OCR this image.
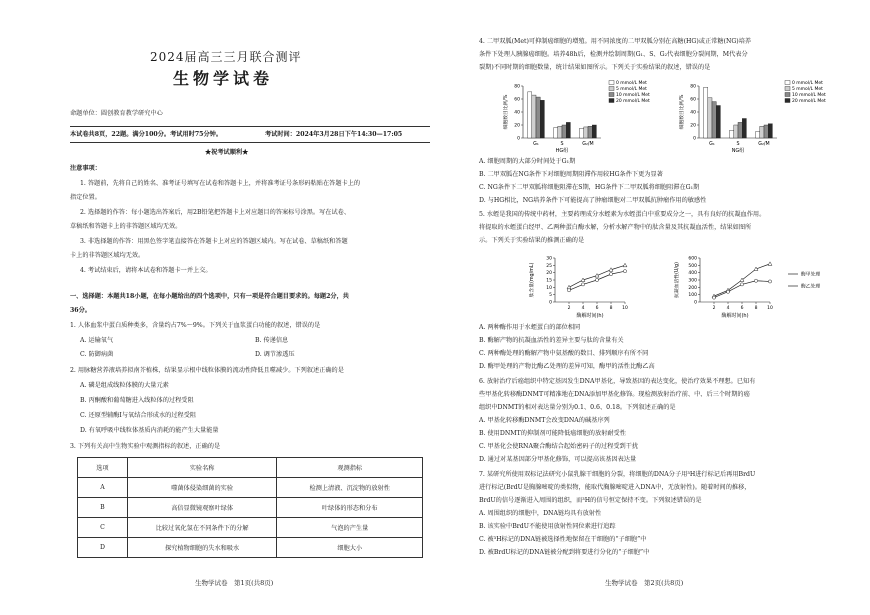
2024届高三三月联合测评
生物学试卷
命题单位：圆创教育教学研究中心
本试卷共8页，22题。满分100分。考试用时75分钟。	考试时间：2024年3月28日下午14:30—17:05
★祝考试顺利★
注意事项：
1. 答题前，先将自己的姓名、准考证号填写在试卷和答题卡上，并将准考证号条形码粘贴在答题卡上的
指定位置。
2. 选择题的作答：每小题选出答案后，用2B铅笔把答题卡上对应题目的答案标号涂黑。写在试卷、
草稿纸和答题卡上的非答题区域均无效。
3. 非选择题的作答：用黑色签字笔直接答在答题卡上对应的答题区域内。写在试卷、草稿纸和答题
卡上的非答题区域均无效。
4. 考试结束后，请将本试卷和答题卡一并上交。
一、选择题：本题共18小题，在每小题给出的四个选项中，只有一项是符合题目要求的。每题2分，共
36分。
1. 人体血浆中蛋白质种类多，含量约占7%～9%。下列关于血浆蛋白功能的叙述，错误的是
A. 运输氧气	B. 传递信息
C. 防御病菌	D. 调节渗透压
2. 用脉糖营养液培养拟南芥植株，结果显示根中线粒体膜的流动性降低且噬减少。下列叙述正确的是
A. 磷是组成线粒体膜的大量元素
B. 丙酮酸和葡萄糖进入线粒体的过程受阻
C. 还原型辅酶Ⅰ与氧结合形成水的过程受阻
D. 有氧呼吸中线粒体基质内消耗的能产生大量能量
3. 下列有关高中生物实验中观测指标的叙述，正确的是
选项	实验名称	观测指标
A	噬菌体侵染细菌的实验	检测上清液、沉淀物的放射性
B	高倍显微镜观察叶绿体	叶绿体的形态和分布
C	比较过氧化氢在不同条件下的分解	气泡的产生量
D	探究植物细胞的失水和吸水	细胞大小
生物学试卷　第1页(共8页)
4. 二甲双胍(Met)可抑制癌细胞的增殖。用不同浓度的二甲双胍分别在高糖(HG)或正常糖(NG)培养
条件下处理人胰腺癌细胞。培养48h后，检测并绘制周期(G₁、S、G₂代表细胞分裂间期，M代表分
裂期)不同时期的细胞数量，统计结果如图所示。下列关于实验结果的叙述，错误的是
0
20
40
60
80
细胞数目比例/%
G₁	S	G₂/M
HG组
0 mmol/L Met
5 mmol/L Met
10 mmol/L Met
20 mmol/L Met
0
20
40
60
80
细胞数目比例/%
G₁	S	G₂/M
NG组
0 mmol/L Met
5 mmol/L Met
10 mmol/L Met
20 mmol/L Met
A. 细胞周期的大部分时间处于G₁期
B. 二甲双胍在NG条件下对细胞周期阻滞作用较HG条件下更为显著
C. NG条件下二甲双胍将细胞阻滞在S期，HG条件下二甲双胍将细胞阻滞在G₁期
D. 与HG相比，NG培养条件下可能提高了肿瘤细胞对二甲双胍抗肿瘤作用的敏感性
5. 水蛭是我国的传统中药材，主要药理成分水蛭素为水蛭蛋白中重要成分之一，具有良好的抗凝血作用。
将提取的水蛭蛋白经甲、乙两种蛋白酶水解，分析水解产物中的肽含量及其抗凝血活性，结果如图所
示。下列关于实验结果的推测正确的是
0
5
10
15
20
25
30
2 4 6 8 10
酶解时间(h)
肽含量(mg/mL)
0
100
200
300
400
500
600
2 4 6 8 10
酶解时间(h)
抗凝血活性(U/g)	酶甲处理
酶乙处理
A. 两种酶作用于水蛭蛋白的部位相同
B. 酶解产物的抗凝血活性的差异主要与肽的含量有关
C. 两种酶处理的酶解产物中氨基酸的数目、排列顺序有所不同
D. 酶甲处理的产物比酶乙处理的差异可知，酶甲的活性比酶乙高
6. 放射治疗后癌组织中特定基因发生DNA甲基化，导致基因的表达变化，使治疗效果不理想。已知有
些甲基化转移酶DNMT可精准地在DNA添加甲基化修饰。现检测放射治疗前、中、后三个时期的癌
组织中DNMT的相对表达量分别为0.1、0.6、0.18。下列叙述正确的是
A. 甲基化转移酶DNMT会改变DNA的碱基序列
B. 使用DNMT的抑制剂可能降低癌细胞的放射耐受性
C. 甲基化会使RNA聚合酶结合起始密码子的过程受到干扰
D. 通过对某基因部分甲基化修饰，可以提高该基因表达量
7. 某研究所使用双标记法研究小鼠乳腺干细胞的分裂，将细胞的DNA分子用³H进行标记后再用BrdU
进行标记(BrdU是胸腺嘧啶的类似物，能取代胸腺嘧啶进入DNA中，无放射性)。随着时间的推移，
BrdU的信号逐渐进入周围的组织，而³H的信号恒定保持不变。下列叙述错误的是
A. 周围组织的细胞中，DNA链均具有放射性
B. 该实验中BrdU不能使用放射性同位素进行追踪
C. 被³H标记的DNA链被选择性地保留在干细胞的“子细胞”中
D. 被BrdU标记的DNA链被分配到将要进行分化的“子细胞”中
生物学试卷　第2页(共8页)
